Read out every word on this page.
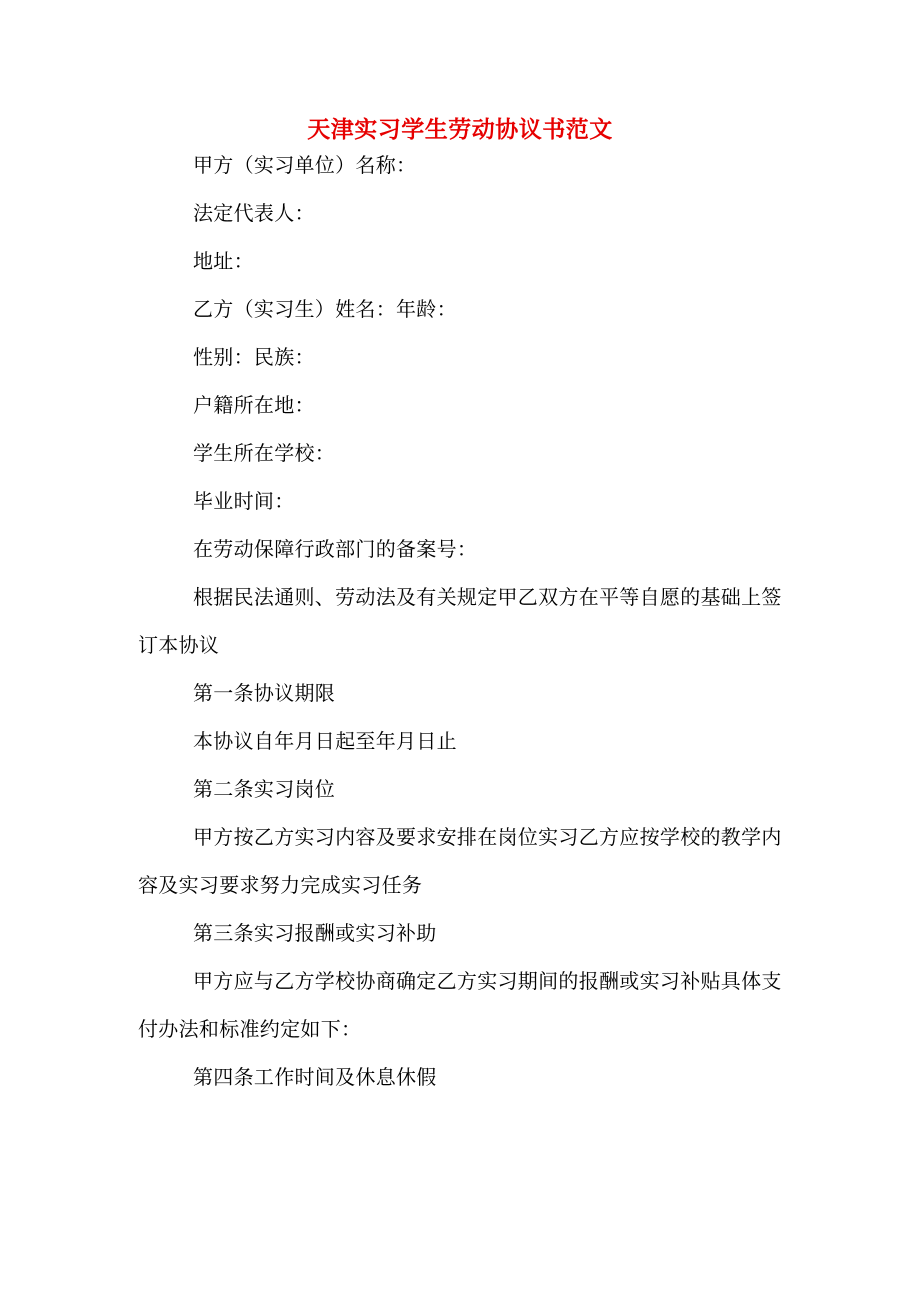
天津实习学生劳动协议书范文

甲方（实习单位）名称：

法定代表人：

地址：

乙方（实习生）姓名：年龄：

性别：民族：

户籍所在地：

学生所在学校：

毕业时间：

在劳动保障行政部门的备案号：

根据民法通则、劳动法及有关规定甲乙双方在平等自愿的基础上签订本协议

第一条协议期限

本协议自年月日起至年月日止

第二条实习岗位

甲方按乙方实习内容及要求安排在岗位实习乙方应按学校的教学内容及实习要求努力完成实习任务

第三条实习报酬或实习补助

甲方应与乙方学校协商确定乙方实习期间的报酬或实习补贴具体支付办法和标准约定如下：

第四条工作时间及休息休假
